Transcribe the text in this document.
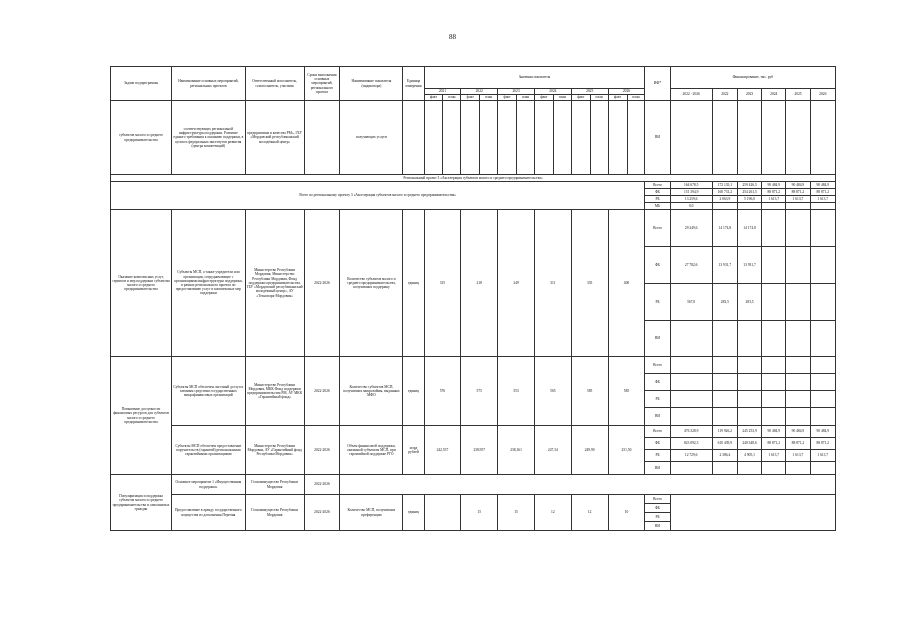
88
Задачи подпрограммы	Наименование основных мероприятий, региональных проектов	Ответственный исполнитель, соисполнитель, участник	Сроки выполнения основных мероприятий, регионального проекта	Наименование показателя (индикатора)	Единица измерения	Значения показателя												ИФ*	Финансирование, тыс. руб					
						2021		2022		2023		2024		2025		2026			2022 - 2026	2022	2023	2024	2025	2026
						факт	план	факт	план	факт	план	факт	план	факт	план	факт	план							
субъектов малого и среднего предпринимательства	соответствующих региональной инфраструктуры поддержки. Развитие единого требования к оказанию поддержки, в целом и федеральных институтов развития (центра компетенций)	предприятиям и качества РМ», ГБУ «Мордовский республиканский молодёжный центр»		получающих услуги														ВИ						
Региональный проект 3 «Акселерация субъектов малого и среднего предпринимательства»																								
Всего по региональному проекту 3 «Акселерация субъектов малого и среднего предпринимательства»																		Всего	164 678,5	172 135,1	259 426,5	90 484,9	90 484,9	90 484,9
																		ФБ	151 394,9	160 731,2	254 261,5	88 871,2	88 871,2	88 871,2
																		РБ	13 259,6	2 063,9	5 196,0	1 613,7	1 613,7	1 613,7
																		МБ	0,0					
Оказание комплексных услуг, сервисов и мер поддержки субъектам малого и среднего предпринимательства	Субъекты МСП, а также учредители или организации, сотрудничающие с организациями инфраструктуры поддержки, в рамках регионального проекта по предоставлению услуг и комплексных мер поддержки	Министерство Республики Мордовия, Министерство Республики Мордовия, Фонд поддержки предпринимательства, ГБУ «Мордовский республиканский молодёжный центр», АУ «Технопарк-Мордовия»	2022-2026	Количество субъектов малого и среднего предпринимательства, получивших поддержку	единиц	315		218		249		311		335		400		Всего	29 249,6	14 174,8	14 174,8			
																		ФБ	27 782,6	13 931,7	13 931,7			
																		РБ	567,0	283,5	283,5			
																		ВИ						
Повышение доступности финансовых ресурсов для субъектов малого и среднего предпринимательства	Субъекты МСП обеспечен льготный доступ к заемным средствам государственных микрофинансовых организаций	Министерство Республики Мордовия, МКК Фонд поддержки предпринимательства РМ, АУ МКК «Гарантийный фонд»	2022-2026	Количество субъектов МСП, получивших микрозаймы, выданных МФО	единиц	576		575		553		565		585		585		Всего						
																		ФБ						
																		РБ						
																		ВИ						
	Субъекты МСП обеспечен предоставление поручительств (гарантий) региональными гарантийными организациями	Министерство Республики Мордовия, АУ «Гарантийный фонд Республики Мордовия»	2022-2026	Объем финансовой поддержки, оказанной субъектам МСП, при гарантийной поддержке РГО	млрд рублей	242,537		238,957		238,161		247,34		249,90		251,50		Всего	476 328,9	119 926,2	245 253,9	90 484,9	90 484,9	90 484,9
																		ФБ	823 092,3	610 439,9	240 348,6	88 871,2	88 871,2	88 871,2
																		РБ	12 729,6	2 386,4	4 905,1	1 613,7	1 613,7	1 613,7
																		ВИ						
Популяризация и поддержка субъектов малого и среднего предпринимательства и самозанятых граждан	Основное мероприятие 1 «Имущественная поддержка»	Госкомимущество Республики Мордовия	2022-2026																					
	Предоставление в аренду государственного имущества из дополнения Перечня	Госкомимущество Республики Мордовия	2022-2026	Количество МСП, получивших преференции	единиц			15		15		12		12		10		Всего						
																		ФБ						
																		РБ						
																		ВИ						
